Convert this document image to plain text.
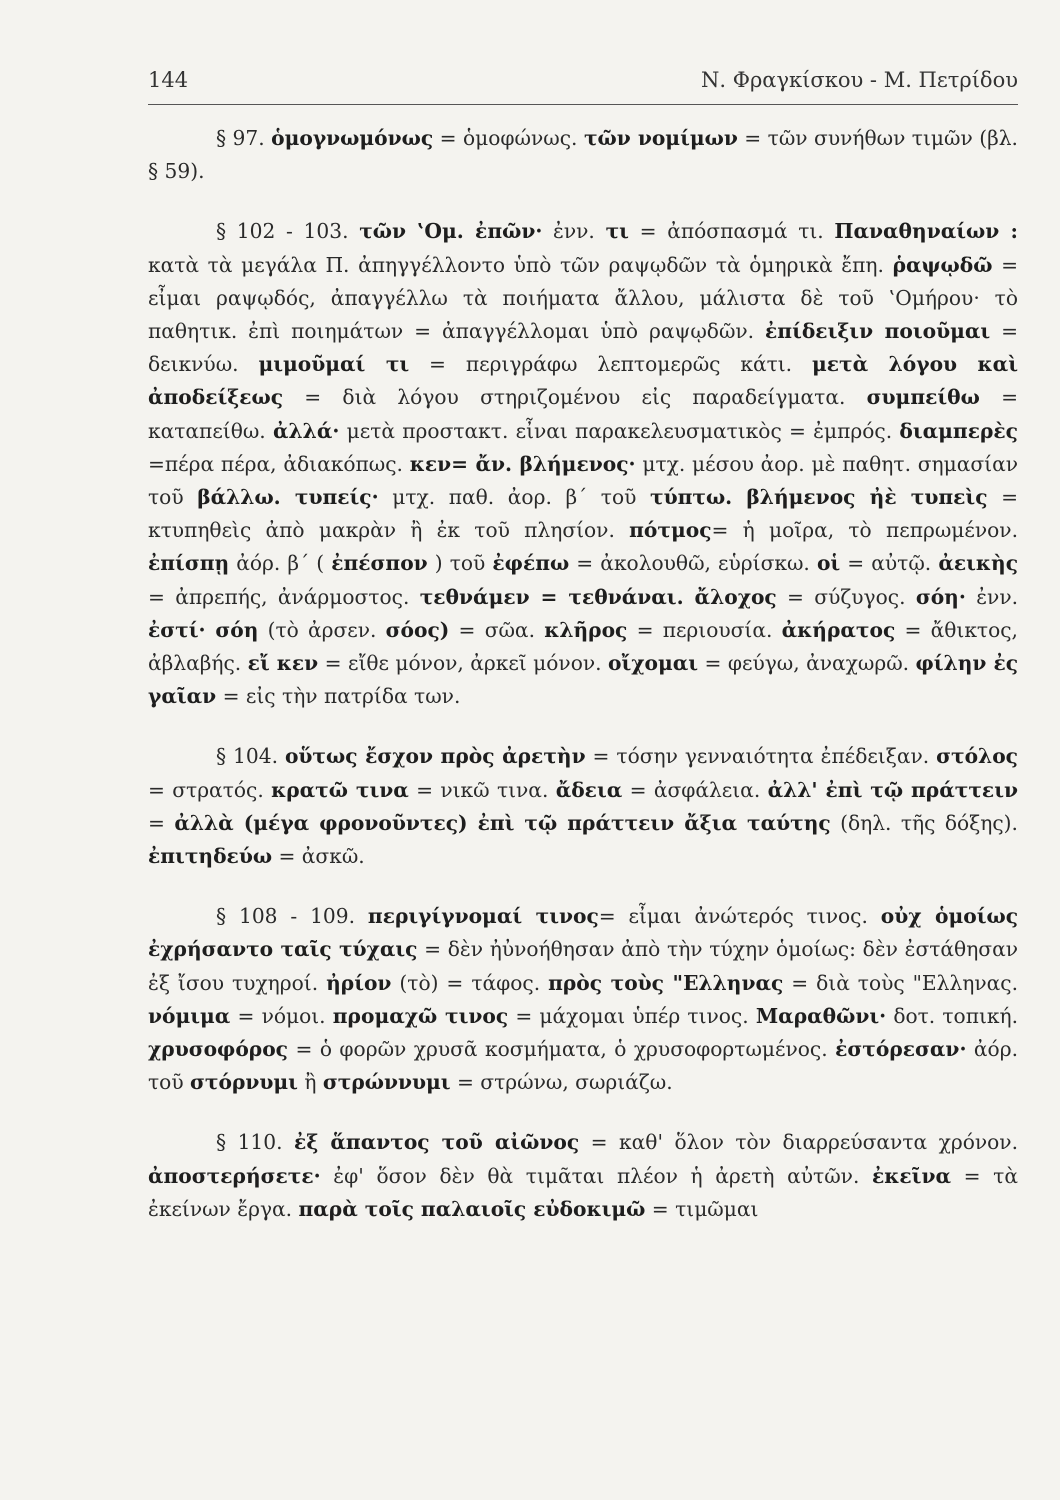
144	Ν. Φραγκίσκου - Μ. Πετρίδου

§ 97. ὁμογνωμόνως = ὁμοφώνως. τῶν νομίμων = τῶν συνήθων τιμῶν (βλ. § 59).

§ 102 - 103. τῶν ‛Ομ. ἐπῶν· ἐνν. τι = ἀπόσπασμά τι. Παναθηναίων : κατὰ τὰ μεγάλα Π. ἀπηγγέλλοντο ὑπὸ τῶν ραψῳδῶν τὰ ὁμηρικὰ ἔπη. ῥαψῳδῶ = εἶμαι ραψῳδός, ἀπαγγέλλω τὰ ποιήματα ἄλλου, μάλιστα δὲ τοῦ ‛Ομήρου· τὸ παθητικ. ἐπὶ ποιημάτων = ἀπαγγέλλομαι ὑπὸ ραψῳδῶν. ἐπίδειξιν ποιοῦμαι = δεικνύω. μιμοῦμαί τι = περιγράφω λεπτομερῶς κάτι. μετὰ λόγου καὶ ἀποδείξεως = διὰ λόγου στηριζομένου εἰς παραδείγματα. συμπείθω = καταπείθω. ἀλλά· μετὰ προστακτ. εἶναι παρακελευσματικὸς = ἐμπρός. διαμπερὲς =πέρα πέρα, ἀδιακόπως. κεν= ἄν. βλήμενος· μτχ. μέσου ἀορ. μὲ παθητ. σημασίαν τοῦ βάλλω. τυπείς· μτχ. παθ. ἀορ. β΄ τοῦ τύπτω. βλήμενος ἠὲ τυπεὶς = κτυπηθεὶς ἀπὸ μακρὰν ἢ ἐκ τοῦ πλησίον. πότμος= ἡ μοῖρα, τὸ πεπρωμένον. ἐπίσπῃ ἀόρ. β΄ ( ἐπέσπον ) τοῦ ἐφέπω = ἀκολουθῶ, εὑρίσκω. οἱ = αὐτῷ. ἀεικὴς = ἀπρεπής, ἀνάρμοστος. τεθνάμεν = τεθνάναι. ἄλοχος = σύζυγος. σόη· ἐνν. ἐστί· σόη (τὸ ἀρσεν. σόος) = σῶα. κλῆρος = περιουσία. ἀκήρατος = ἄθικτος, ἀβλαβής. εἴ κεν = εἴθε μόνον, ἀρκεῖ μόνον. οἴχομαι = φεύγω, ἀναχωρῶ. φίλην ἐς γαῖαν = εἰς τὴν πατρίδα των.

§ 104. οὕτως ἔσχον πρὸς ἀρετὴν = τόσην γενναιότητα ἐπέδειξαν. στόλος = στρατός. κρατῶ τινα = νικῶ τινα. ἄδεια = ἀσφάλεια. ἀλλ' ἐπὶ τῷ πράττειν = ἀλλὰ (μέγα φρονοῦντες) ἐπὶ τῷ πράττειν ἄξια ταύτης (δηλ. τῆς δόξης). ἐπιτηδεύω = ἀσκῶ.

§ 108 - 109. περιγίγνομαί τινος= εἶμαι ἀνώτερός τινος. οὐχ ὁμοίως ἐχρήσαντο ταῖς τύχαις = δὲν ἠὐνοήθησαν ἀπὸ τὴν τύχην ὁμοίως: δὲν ἐστάθησαν ἐξ ἴσου τυχηροί. ἠρίον (τὸ) = τάφος. πρὸς τοὺς "Ελληνας = διὰ τοὺς "Ελληνας. νόμιμα = νόμοι. προμαχῶ τινος = μάχομαι ὑπέρ τινος. Μαραθῶνι· δοτ. τοπική. χρυσοφόρος = ὁ φορῶν χρυσᾶ κοσμήματα, ὁ χρυσοφορτωμένος. ἐστόρεσαν· ἀόρ. τοῦ στόρνυμι ἢ στρώννυμι = στρώνω, σωριάζω.

§ 110. ἐξ ἅπαντος τοῦ αἰῶνος = καθ' ὅλον τὸν διαρρεύσαντα χρόνον. ἀποστερήσετε· ἐφ' ὅσον δὲν θὰ τιμᾶται πλέον ἡ ἀρετὴ αὐτῶν. ἐκεῖνα = τὰ ἐκείνων ἔργα. παρὰ τοῖς παλαιοῖς εὐδοκιμῶ = τιμῶμαι
